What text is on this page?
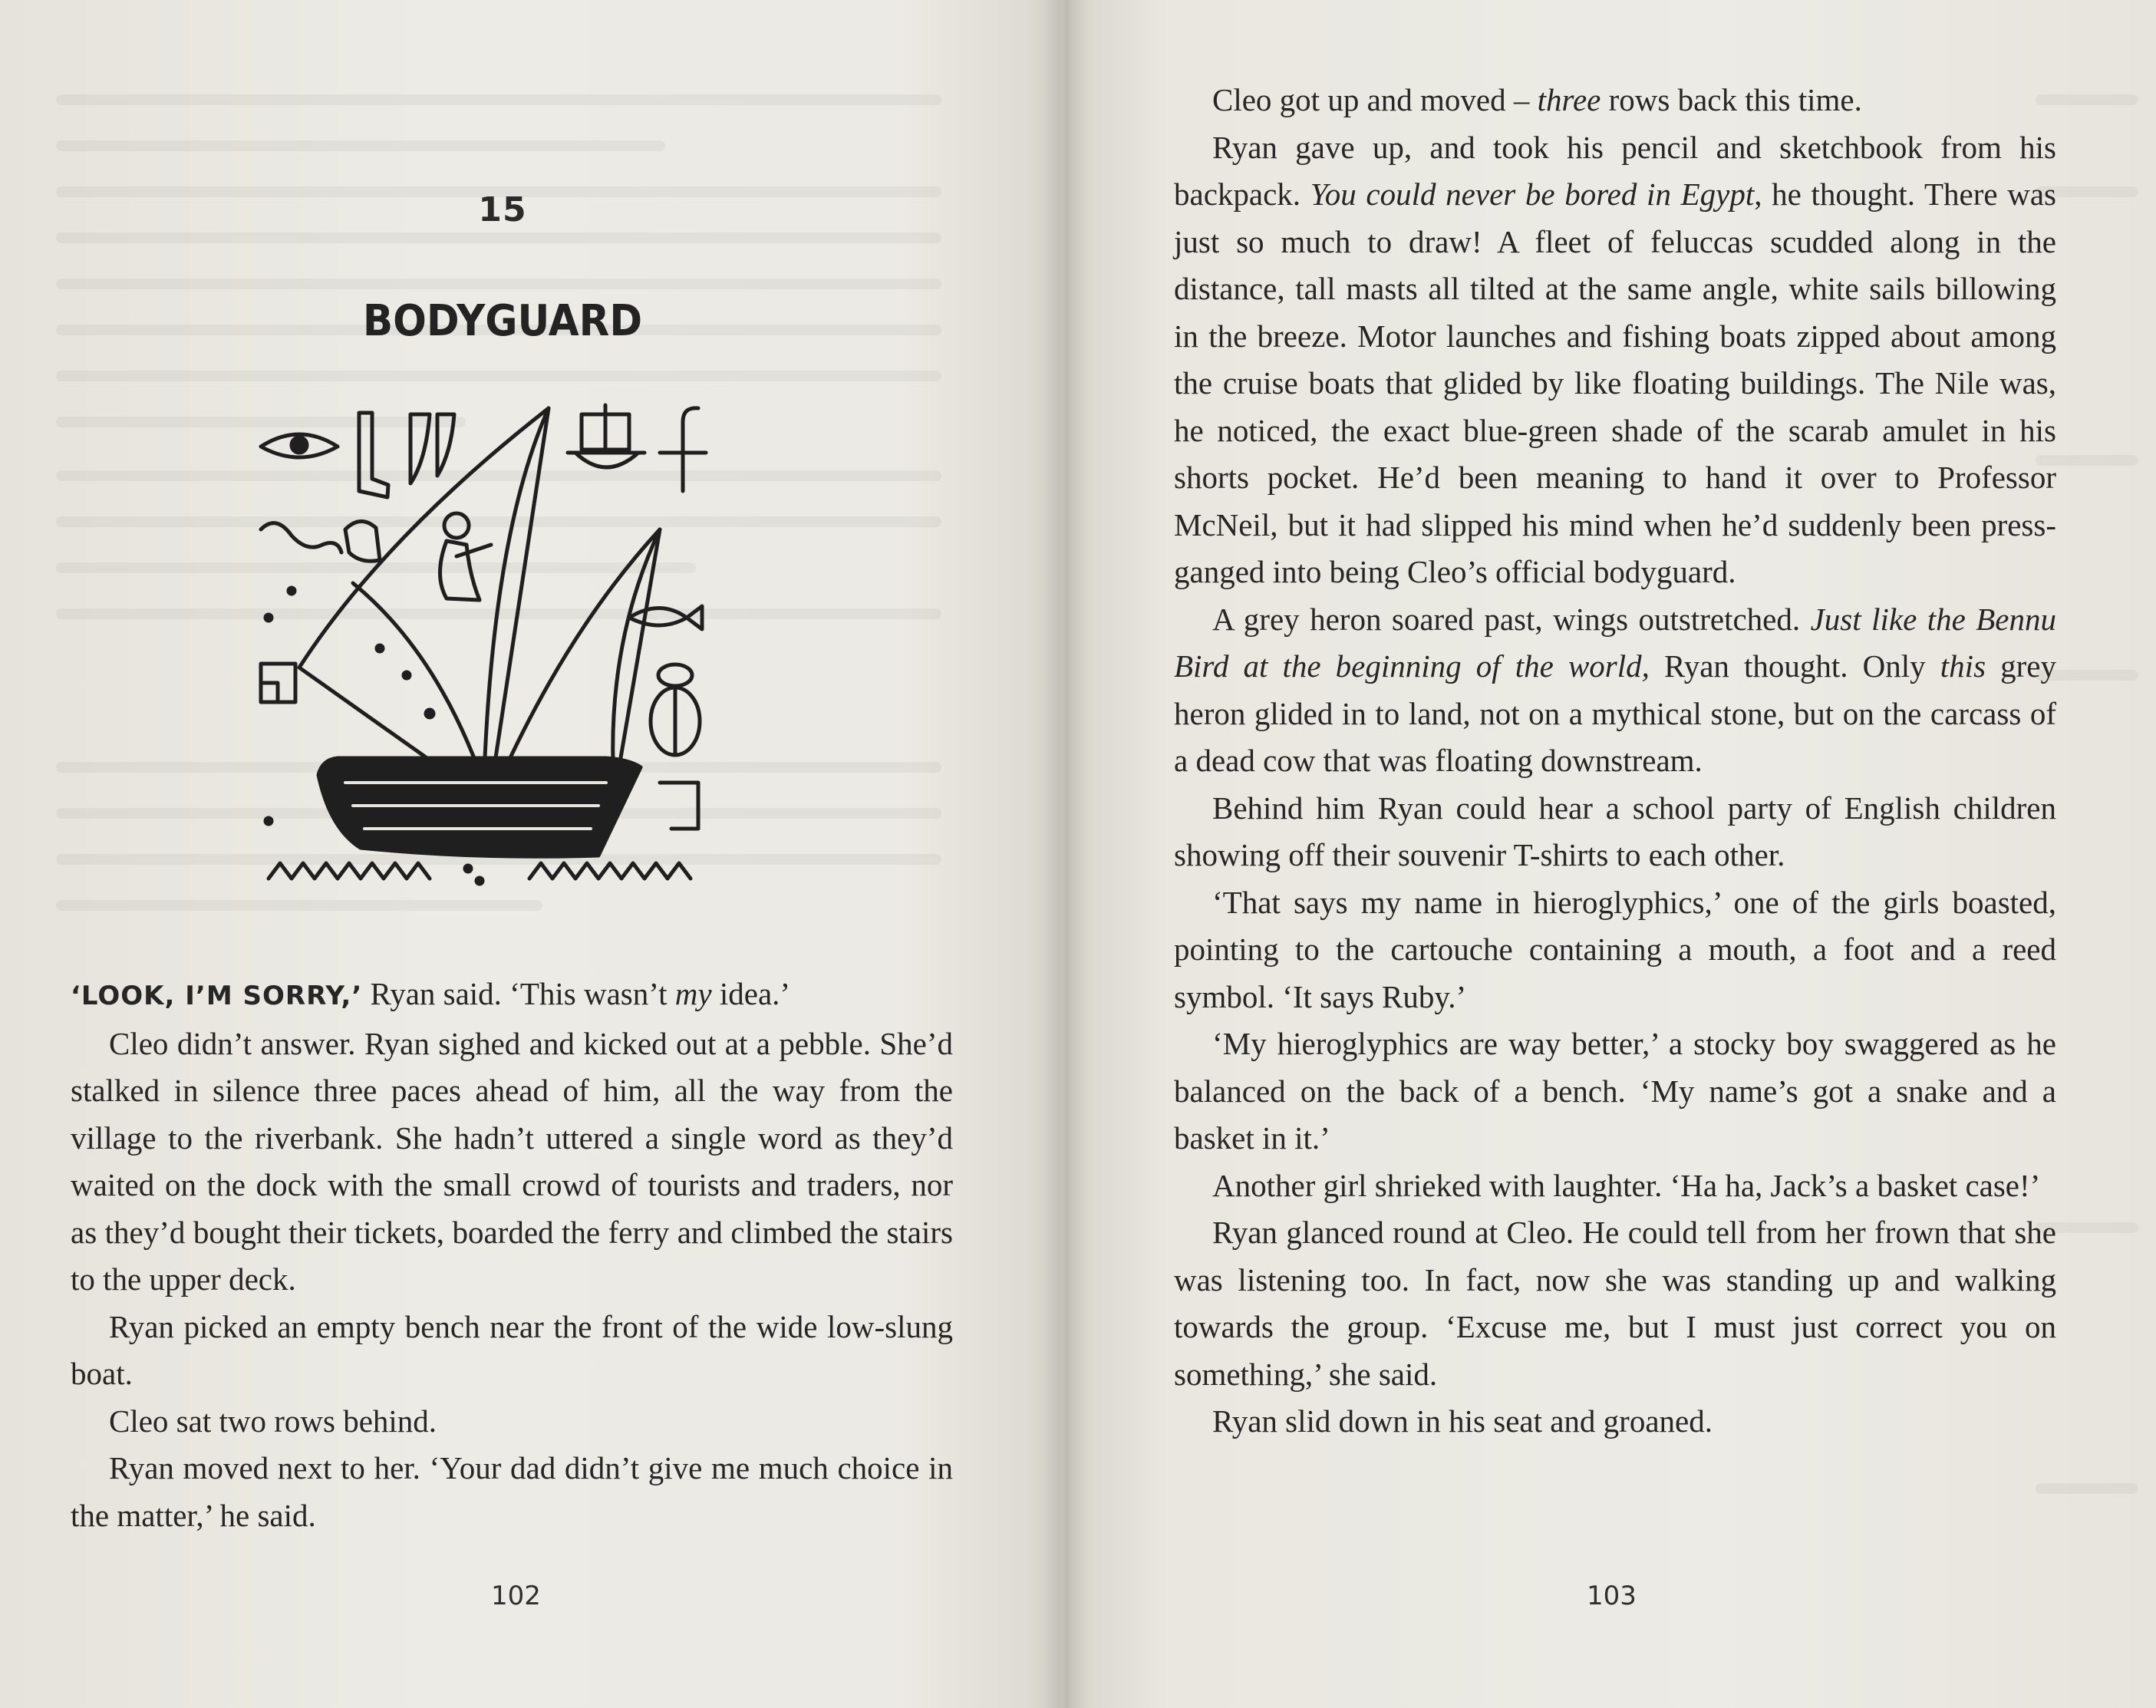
15
BODYGUARD

‘LOOK, I’M SORRY,’ Ryan said. ‘This wasn’t my idea.’

Cleo didn’t answer. Ryan sighed and kicked out at a pebble. She’d stalked in silence three paces ahead of him, all the way from the village to the riverbank. She hadn’t uttered a single word as they’d waited on the dock with the small crowd of tourists and traders, nor as they’d bought their tickets, boarded the ferry and climbed the stairs to the upper deck.

Ryan picked an empty bench near the front of the wide low-slung boat.

Cleo sat two rows behind.

Ryan moved next to her. ‘Your dad didn’t give me much choice in the matter,’ he said.

Cleo got up and moved – three rows back this time.

Ryan gave up, and took his pencil and sketchbook from his backpack. You could never be bored in Egypt, he thought. There was just so much to draw! A fleet of feluccas scudded along in the distance, tall masts all tilted at the same angle, white sails billowing in the breeze. Motor launches and fishing boats zipped about among the cruise boats that glided by like floating buildings. The Nile was, he noticed, the exact blue-green shade of the scarab amulet in his shorts pocket. He’d been meaning to hand it over to Professor McNeil, but it had slipped his mind when he’d suddenly been press-ganged into being Cleo’s official bodyguard.

A grey heron soared past, wings outstretched. Just like the Bennu Bird at the beginning of the world, Ryan thought. Only this grey heron glided in to land, not on a mythical stone, but on the carcass of a dead cow that was floating downstream.

Behind him Ryan could hear a school party of English children showing off their souvenir T-shirts to each other.

‘That says my name in hieroglyphics,’ one of the girls boasted, pointing to the cartouche containing a mouth, a foot and a reed symbol. ‘It says Ruby.’

‘My hieroglyphics are way better,’ a stocky boy swaggered as he balanced on the back of a bench. ‘My name’s got a snake and a basket in it.’

Another girl shrieked with laughter. ‘Ha ha, Jack’s a basket case!’

Ryan glanced round at Cleo. He could tell from her frown that she was listening too. In fact, now she was standing up and walking towards the group. ‘Excuse me, but I must just correct you on something,’ she said.

Ryan slid down in his seat and groaned.

102	103
